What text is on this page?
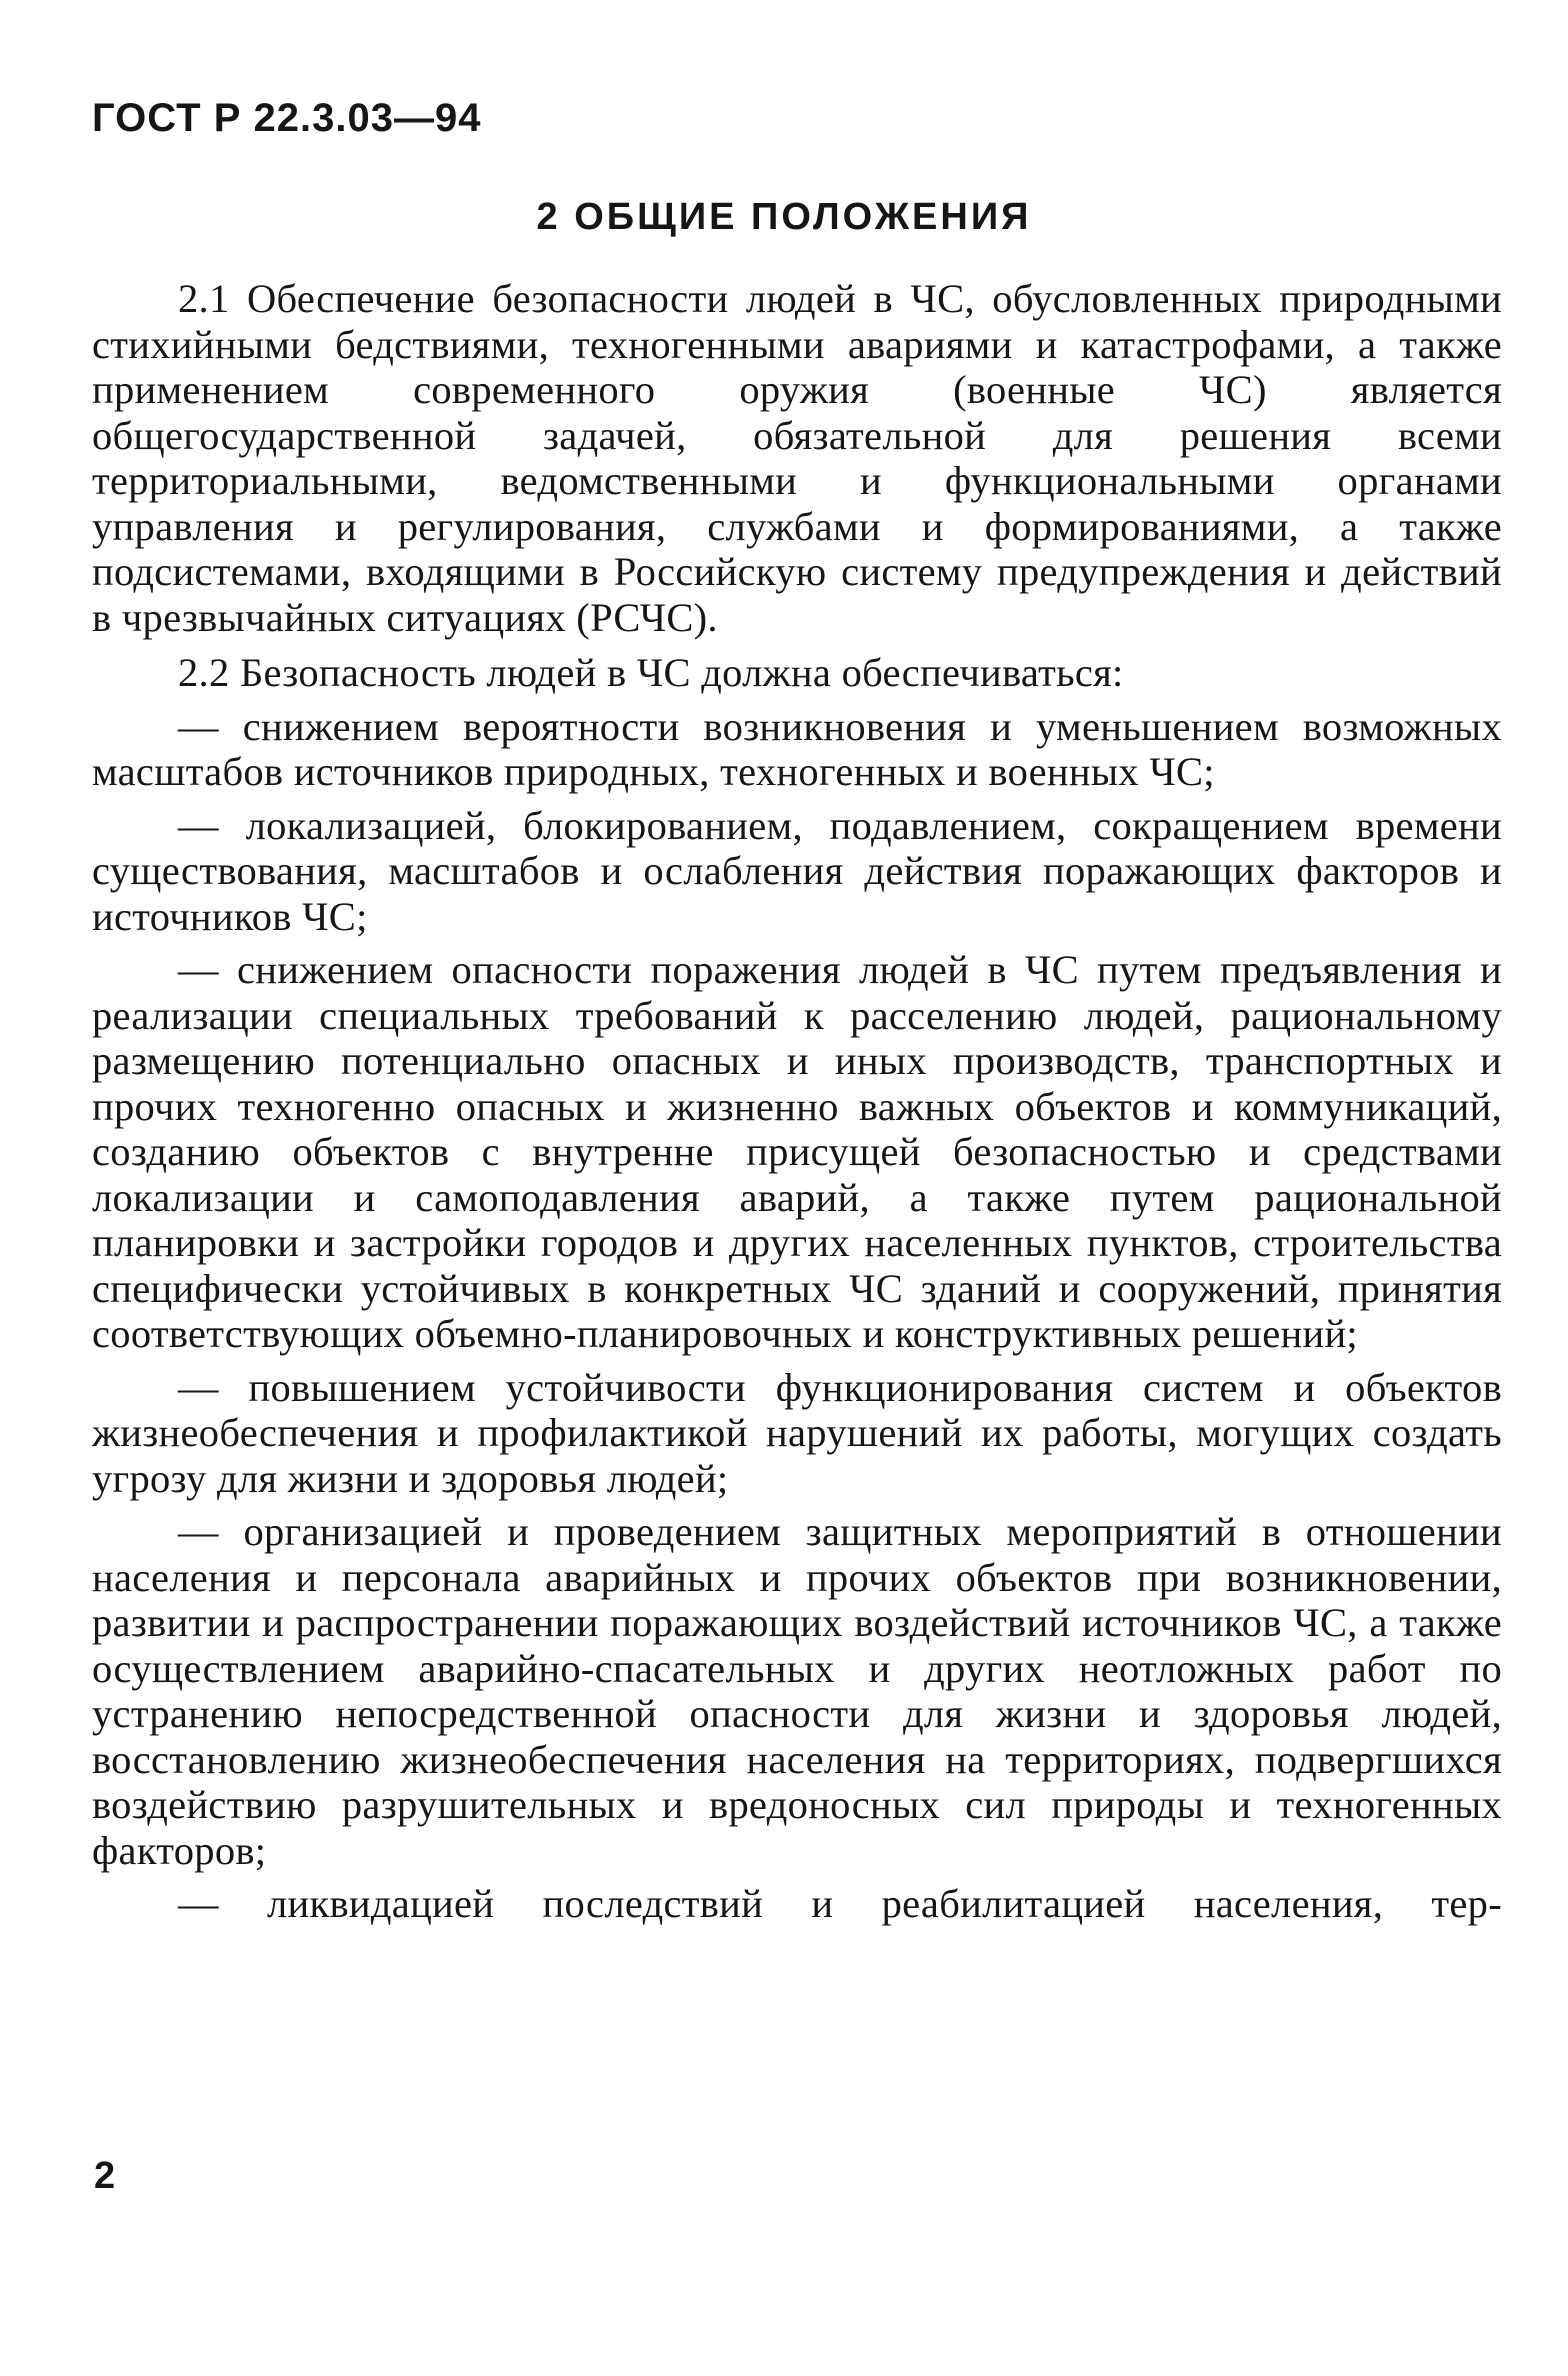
ГОСТ Р 22.3.03—94
2 ОБЩИЕ ПОЛОЖЕНИЯ

2.1 Обеспечение безопасности людей в ЧС, обусловленных природными стихийными бедствиями, техногенными авариями и катастрофами, а также применением современного оружия (военные ЧС) является общегосударственной задачей, обязательной для решения всеми территориальными, ведомственными и функциональными органами управления и регулирования, службами и формированиями, а также подсистемами, входящими в Российскую систему предупреждения и действий в чрезвычайных ситуациях (РСЧС).

2.2 Безопасность людей в ЧС должна обеспечиваться:

— снижением вероятности возникновения и уменьшением возможных масштабов источников природных, техногенных и военных ЧС;

— локализацией, блокированием, подавлением, сокращением времени существования, масштабов и ослабления действия поражающих факторов и источников ЧС;

— снижением опасности поражения людей в ЧС путем предъявления и реализации специальных требований к расселению людей, рациональному размещению потенциально опасных и иных производств, транспортных и прочих техногенно опасных и жизненно важных объектов и коммуникаций, созданию объектов с внутренне присущей безопасностью и средствами локализации и самоподавления аварий, а также путем рациональной планировки и застройки городов и других населенных пунктов, строительства специфически устойчивых в конкретных ЧС зданий и сооружений, принятия соответствующих объемно-планировочных и конструктивных решений;

— повышением устойчивости функционирования систем и объектов жизнеобеспечения и профилактикой нарушений их работы, могущих создать угрозу для жизни и здоровья людей;

— организацией и проведением защитных мероприятий в отношении населения и персонала аварийных и прочих объектов при возникновении, развитии и распространении поражающих воздействий источников ЧС, а также осуществлением аварийно-спасательных и других неотложных работ по устранению непосредственной опасности для жизни и здоровья людей, восстановлению жизнеобеспечения населения на территориях, подвергшихся воздействию разрушительных и вредоносных сил природы и техногенных факторов;

— ликвидацией последствий и реабилитацией населения, тер-

2
